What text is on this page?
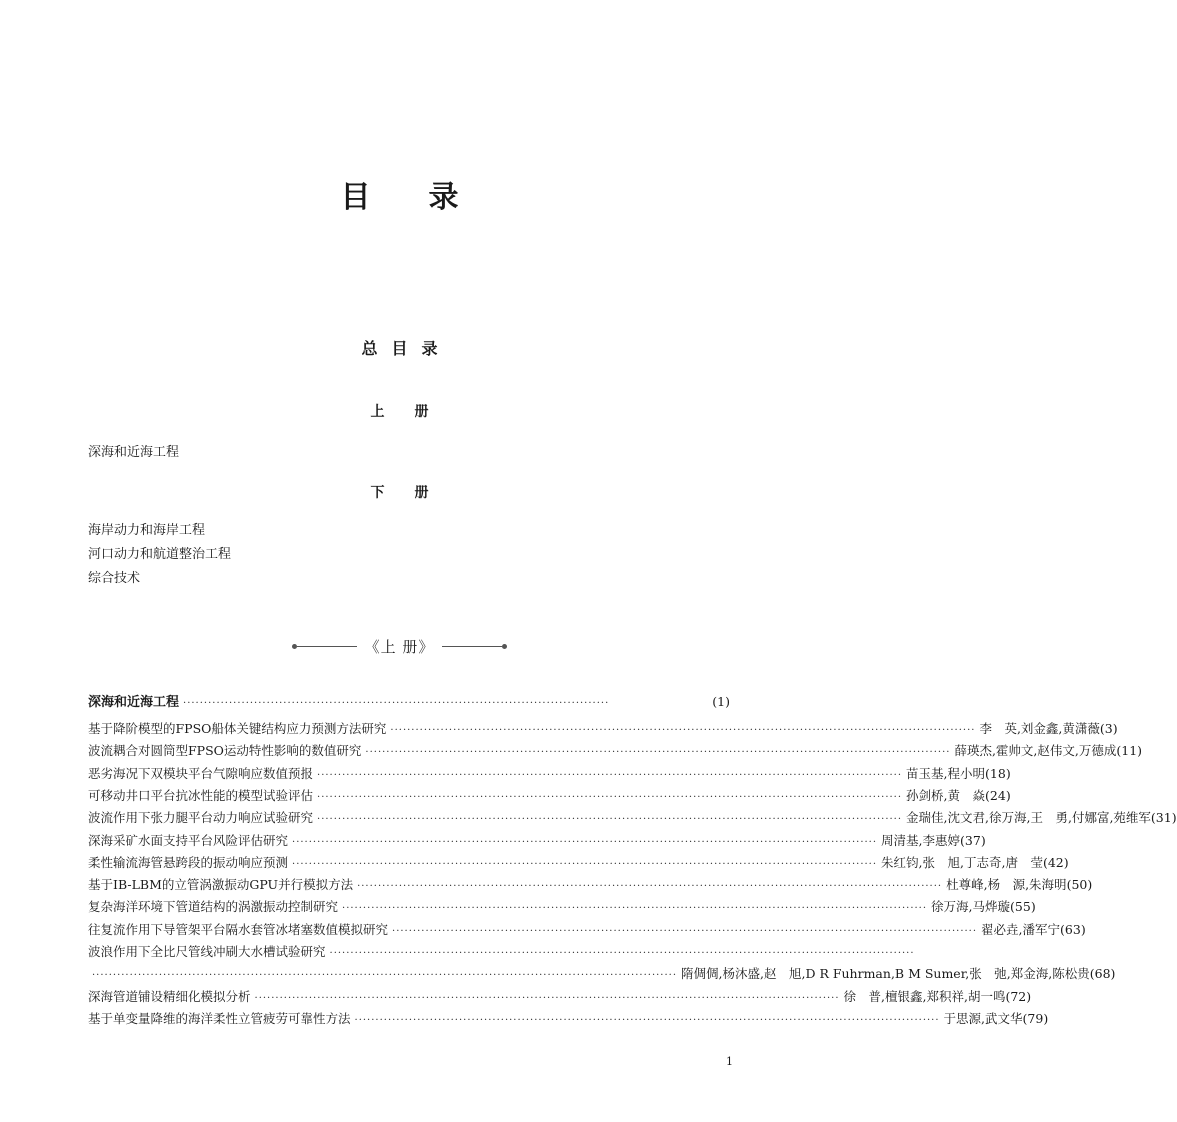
目录
总目录
上册
深海和近海工程
下册
海岸动力和海岸工程
河口动力和航道整治工程
综合技术
《上 册》
深海和近海工程 ······································································································	(1)
基于降阶模型的FPSO船体关键结构应力预测方法研究 ············································································································································ 李　英,刘金鑫,黄潇薇 (3)
波流耦合对圆筒型FPSO运动特性影响的数值研究 ············································································································································ 薛瑛杰,霍帅文,赵伟文,万德成 (11)
恶劣海况下双模块平台气隙响应数值预报 ············································································································································ 苗玉基,程小明 (18)
可移动井口平台抗冰性能的模型试验评估 ············································································································································ 孙剑桥,黄　焱 (24)
波流作用下张力腿平台动力响应试验研究 ············································································································································ 金瑞佳,沈文君,徐万海,王　勇,付娜富,苑维军 (31)
深海采矿水面支持平台风险评估研究 ············································································································································ 周清基,李惠婷 (37)
柔性输流海管悬跨段的振动响应预测 ············································································································································ 朱红钧,张　旭,丁志奇,唐　莹 (42)
基于IB-LBM的立管涡激振动GPU并行模拟方法 ············································································································································ 杜尊峰,杨　源,朱海明 (50)
复杂海洋环境下管道结构的涡激振动控制研究 ············································································································································ 徐万海,马烨璇 (55)
往复流作用下导管架平台隔水套管冰堵塞数值模拟研究 ············································································································································ 翟必垚,潘军宁 (63)
波浪作用下全比尺管线冲刷大水槽试验研究 ············································································································································
············································································································································ 隋倜倜,杨沐盛,赵　旭,D R Fuhrman,B M Sumer,张　弛,郑金海,陈松贵 (68)
深海管道铺设精细化模拟分析 ············································································································································ 徐　普,檀银鑫,郑积祥,胡一鸣 (72)
基于单变量降维的海洋柔性立管疲劳可靠性方法 ············································································································································ 于思源,武文华 (79)
1
